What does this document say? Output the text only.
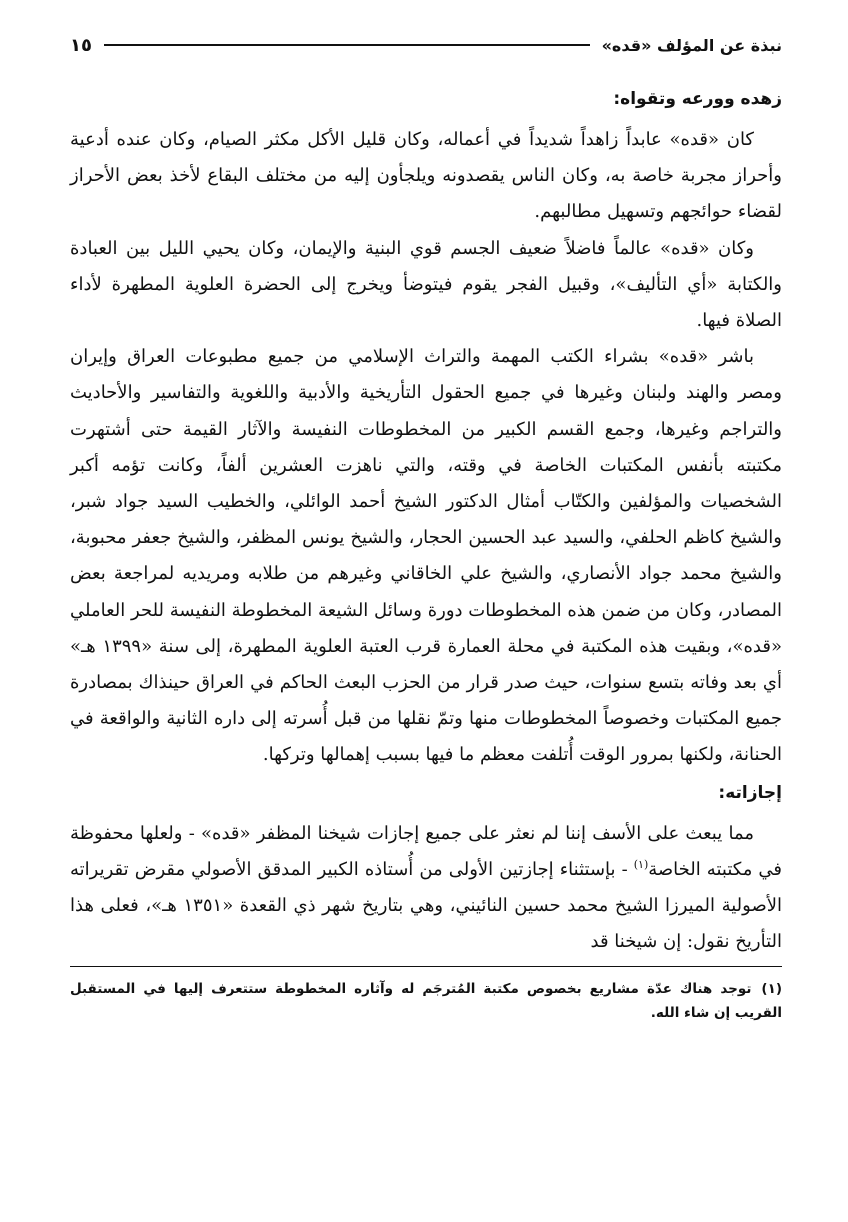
نبذة عن المؤلف «قده»
١٥
زهده وورعه وتقواه:

كان «قده» عابداً زاهداً شديداً في أعماله، وكان قليل الأكل مكثر الصيام، وكان عنده أدعية وأحراز مجربة خاصة به، وكان الناس يقصدونه ويلجأون إليه من مختلف البقاع لأخذ بعض الأحراز لقضاء حوائجهم وتسهيل مطالبهم.

وكان «قده» عالماً فاضلاً ضعيف الجسم قوي البنية والإيمان، وكان يحيي الليل بين العبادة والكتابة «أي التأليف»، وقبيل الفجر يقوم فيتوضأ ويخرج إلى الحضرة العلوية المطهرة لأداء الصلاة فيها.

باشر «قده» بشراء الكتب المهمة والتراث الإسلامي من جميع مطبوعات العراق وإيران ومصر والهند ولبنان وغيرها في جميع الحقول التأريخية والأدبية واللغوية والتفاسير والأحاديث والتراجم وغيرها، وجمع القسم الكبير من المخطوطات النفيسة والآثار القيمة حتى أشتهرت مكتبته بأنفس المكتبات الخاصة في وقته، والتي ناهزت العشرين ألفاً، وكانت تؤمه أكبر الشخصيات والمؤلفين والكتّاب أمثال الدكتور الشيخ أحمد الوائلي، والخطيب السيد جواد شبر، والشيخ كاظم الحلفي، والسيد عبد الحسين الحجار، والشيخ يونس المظفر، والشيخ جعفر محبوبة، والشيخ محمد جواد الأنصاري، والشيخ علي الخاقاني وغيرهم من طلابه ومريديه لمراجعة بعض المصادر، وكان من ضمن هذه المخطوطات دورة وسائل الشيعة المخطوطة النفيسة للحر العاملي «قده»، وبقيت هذه المكتبة في محلة العمارة قرب العتبة العلوية المطهرة، إلى سنة «١٣٩٩ هـ» أي بعد وفاته بتسع سنوات، حيث صدر قرار من الحزب البعث الحاكم في العراق حينذاك بمصادرة جميع المكتبات وخصوصاً المخطوطات منها وتمّ نقلها من قبل أُسرته إلى داره الثانية والواقعة في الحنانة، ولكنها بمرور الوقت أُتلفت معظم ما فيها بسبب إهمالها وتركها.

إجازاته:

مما يبعث على الأسف إننا لم نعثر على جميع إجازات شيخنا المظفر «قده» - ولعلها محفوظة في مكتبته الخاصة$^{(١)}$ - بإستثناء إجازتين الأولى من أُستاذه الكبير المدقق الأصولي مقرض تقريراته الأصولية الميرزا الشيخ محمد حسين النائيني، وهي بتاريخ شهر ذي القعدة «١٣٥١ هـ»، فعلى هذا التأريخ نقول: إن شيخنا قد

(١)توجد هناك عدّة مشاريع بخصوص مكتبة المُترجَم له وآثاره المخطوطة ستتعرف إليها في المستقبل القريب إن شاء الله.
